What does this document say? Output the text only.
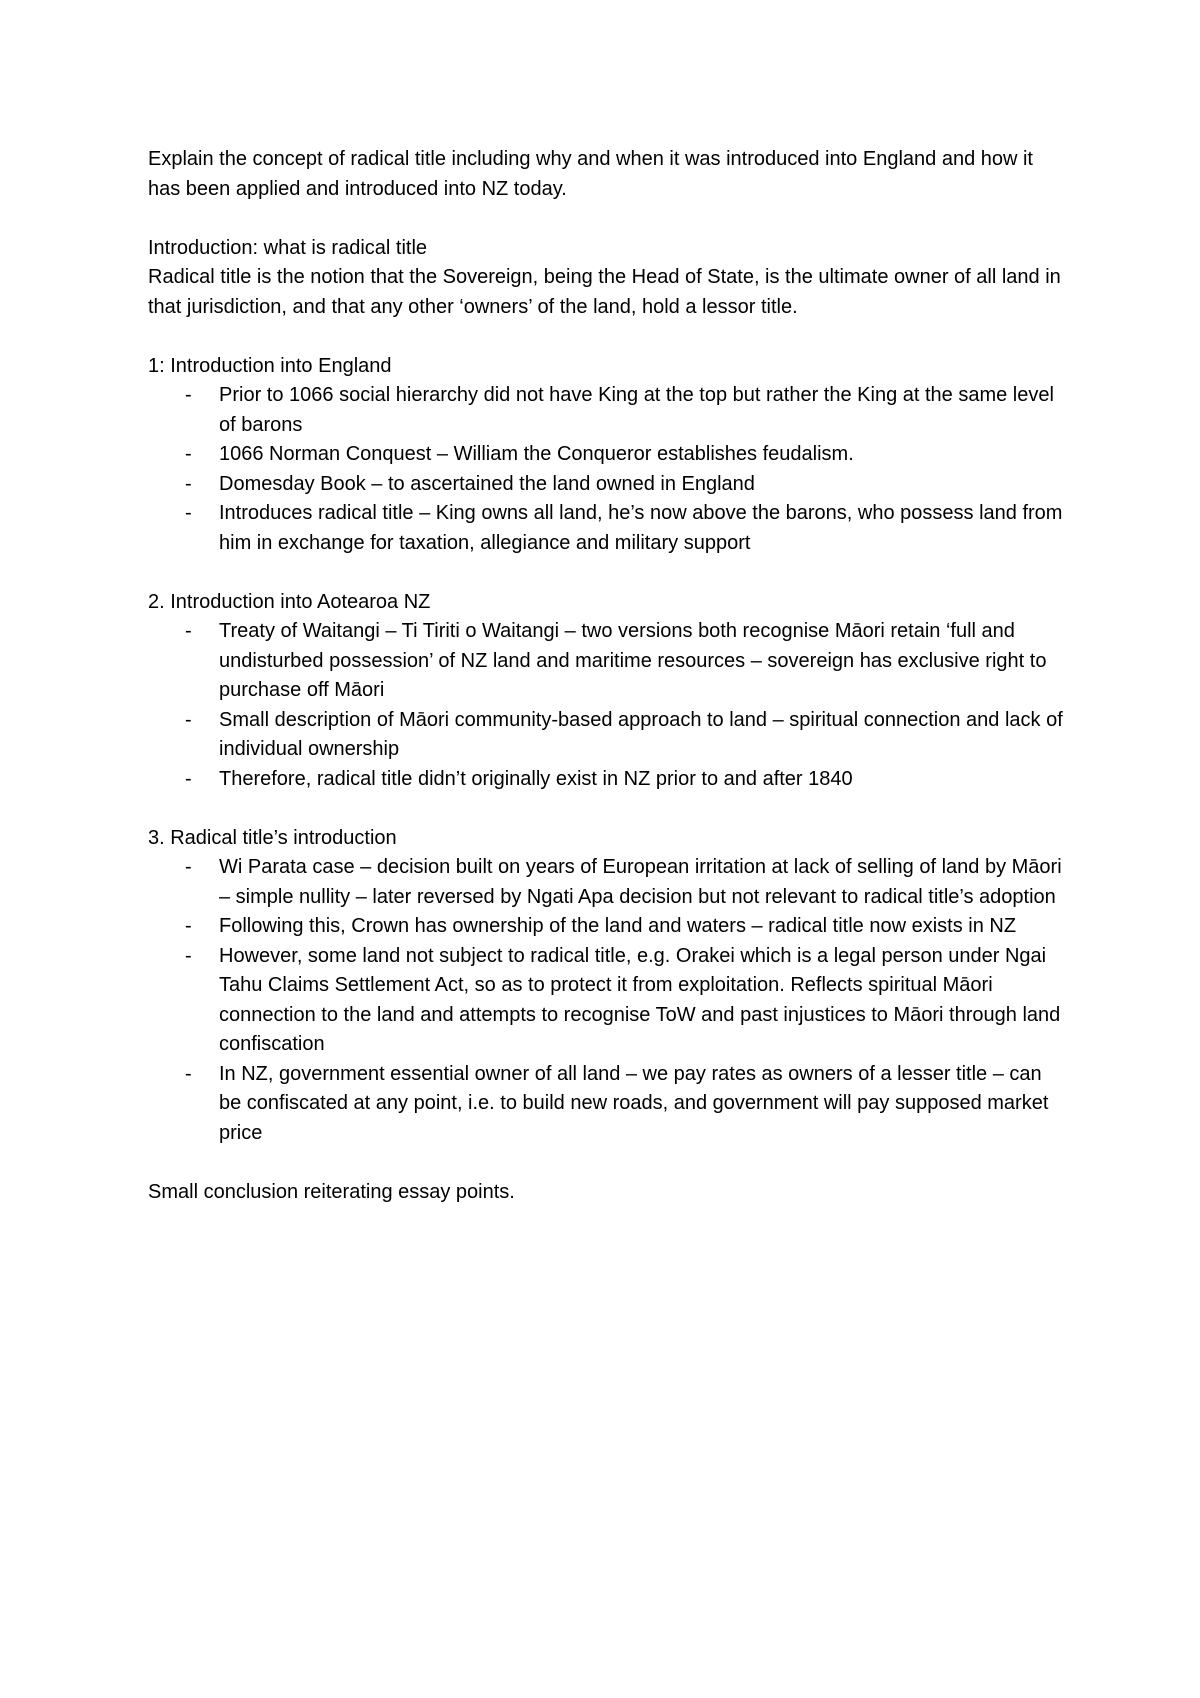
Explain the concept of radical title including why and when it was introduced into England and how it has been applied and introduced into NZ today.

Introduction: what is radical title

Radical title is the notion that the Sovereign, being the Head of State, is the ultimate owner of all land in that jurisdiction, and that any other ‘owners’ of the land, hold a lessor title.

1: Introduction into England

- Prior to 1066 social hierarchy did not have King at the top but rather the King at the same level of barons
- 1066 Norman Conquest – William the Conqueror establishes feudalism.
- Domesday Book – to ascertained the land owned in England
- Introduces radical title – King owns all land, he’s now above the barons, who possess land from him in exchange for taxation, allegiance and military support

2. Introduction into Aotearoa NZ

- Treaty of Waitangi – Ti Tiriti o Waitangi – two versions both recognise Māori retain ‘full and undisturbed possession’ of NZ land and maritime resources – sovereign has exclusive right to purchase off Māori
- Small description of Māori community-based approach to land – spiritual connection and lack of individual ownership
- Therefore, radical title didn’t originally exist in NZ prior to and after 1840

3. Radical title’s introduction

- Wi Parata case – decision built on years of European irritation at lack of selling of land by Māori – simple nullity – later reversed by Ngati Apa decision but not relevant to radical title’s adoption
- Following this, Crown has ownership of the land and waters – radical title now exists in NZ
- However, some land not subject to radical title, e.g. Orakei which is a legal person under Ngai Tahu Claims Settlement Act, so as to protect it from exploitation. Reflects spiritual Māori connection to the land and attempts to recognise ToW and past injustices to Māori through land confiscation
- In NZ, government essential owner of all land – we pay rates as owners of a lesser title – can be confiscated at any point, i.e. to build new roads, and government will pay supposed market price

Small conclusion reiterating essay points.
